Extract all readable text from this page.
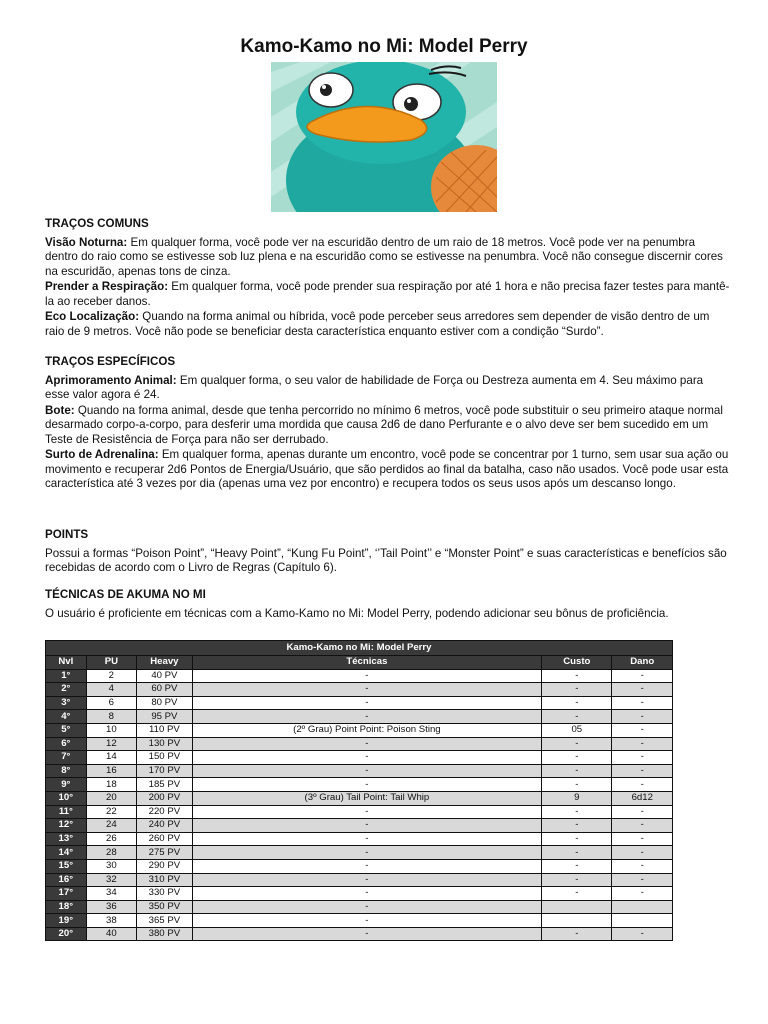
Kamo-Kamo no Mi: Model Perry
TRAÇOS COMUNS

Visão Noturna: Em qualquer forma, você pode ver na escuridão dentro de um raio de 18 metros. Você pode ver na penumbra dentro do raio como se estivesse sob luz plena e na escuridão como se estivesse na penumbra. Você não consegue discernir cores na escuridão, apenas tons de cinza.

Prender a Respiração: Em qualquer forma, você pode prender sua respiração por até 1 hora e não precisa fazer testes para mantê-la ao receber danos.

Eco Localização: Quando na forma animal ou híbrida, você pode perceber seus arredores sem depender de visão dentro de um raio de 9 metros. Você não pode se beneficiar desta característica enquanto estiver com a condição “Surdo”.

TRAÇOS ESPECÍFICOS

Aprimoramento Animal: Em qualquer forma, o seu valor de habilidade de Força ou Destreza aumenta em 4. Seu máximo para esse valor agora é 24.

Bote: Quando na forma animal, desde que tenha percorrido no mínimo 6 metros, você pode substituir o seu primeiro ataque normal desarmado corpo-a-corpo, para desferir uma mordida que causa 2d6 de dano Perfurante e o alvo deve ser bem sucedido em um Teste de Resistência de Força para não ser derrubado.

Surto de Adrenalina: Em qualquer forma, apenas durante um encontro, você pode se concentrar por 1 turno, sem usar sua ação ou movimento e recuperar 2d6 Pontos de Energia/Usuário, que são perdidos ao final da batalha, caso não usados. Você pode usar esta característica até 3 vezes por dia (apenas uma vez por encontro) e recupera todos os seus usos após um descanso longo.

POINTS

Possui a formas “Poison Point”, “Heavy Point”, “Kung Fu Point”, ‘’Tail Point’’ e “Monster Point” e suas características e benefícios são recebidas de acordo com o Livro de Regras (Capítulo 6).

TÉCNICAS DE AKUMA NO MI

O usuário é proficiente em técnicas com a Kamo-Kamo no Mi: Model Perry, podendo adicionar seu bônus de proficiência.

Kamo-Kamo no Mi: Model Perry					
Nvl	PU	Heavy	Técnicas	Custo	Dano
1°	2	40 PV	-	-	-
2°	4	60 PV	-	-	-
3°	6	80 PV	-	-	-
4°	8	95 PV	-	-	-
5°	10	110 PV	(2º Grau) Point Point: Poison Sting	05	-
6°	12	130 PV	-	-	-
7°	14	150 PV	-	-	-
8°	16	170 PV	-	-	-
9°	18	185 PV	-	-	-
10°	20	200 PV	(3º Grau) Tail Point: Tail Whip	9	6d12
11°	22	220 PV	-	-	-
12°	24	240 PV	-	-	-
13°	26	260 PV	-	-	-
14°	28	275 PV	-	-	-
15°	30	290 PV	-	-	-
16°	32	310 PV	-	-	-
17°	34	330 PV	-	-	-
18°	36	350 PV	-		
19°	38	365 PV	-		
20°	40	380 PV	-	-	-
